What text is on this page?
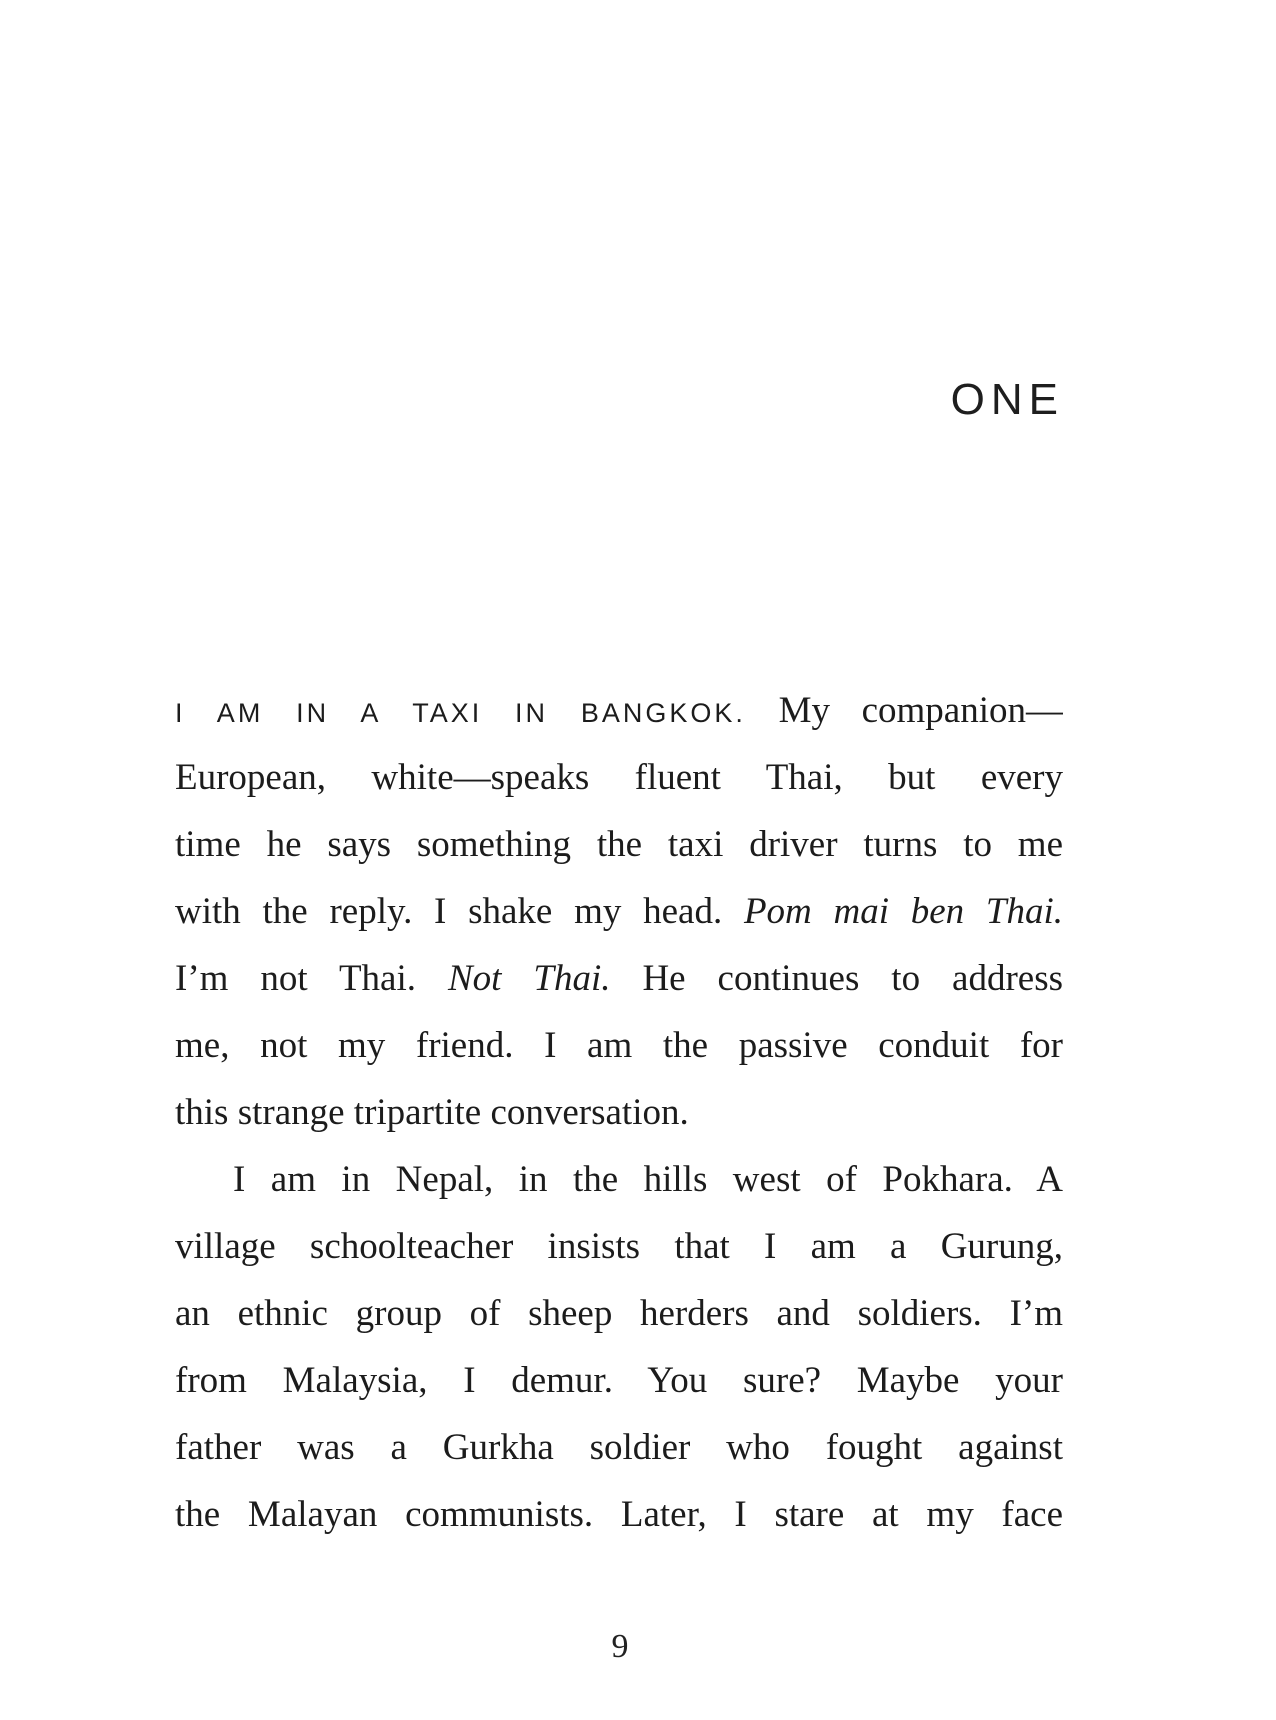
ONE
I AM IN A TAXI IN BANGKOK. My companion—
European, white—speaks fluent Thai, but every
time he says something the taxi driver turns to me
with the reply. I shake my head. Pom mai ben Thai.
I’m not Thai. Not Thai. He continues to address
me, not my friend. I am the passive conduit for
this strange tripartite conversation.
I am in Nepal, in the hills west of Pokhara. A
village schoolteacher insists that I am a Gurung,
an ethnic group of sheep herders and soldiers. I’m
from Malaysia, I demur. You sure? Maybe your
father was a Gurkha soldier who fought against
the Malayan communists. Later, I stare at my face
9
